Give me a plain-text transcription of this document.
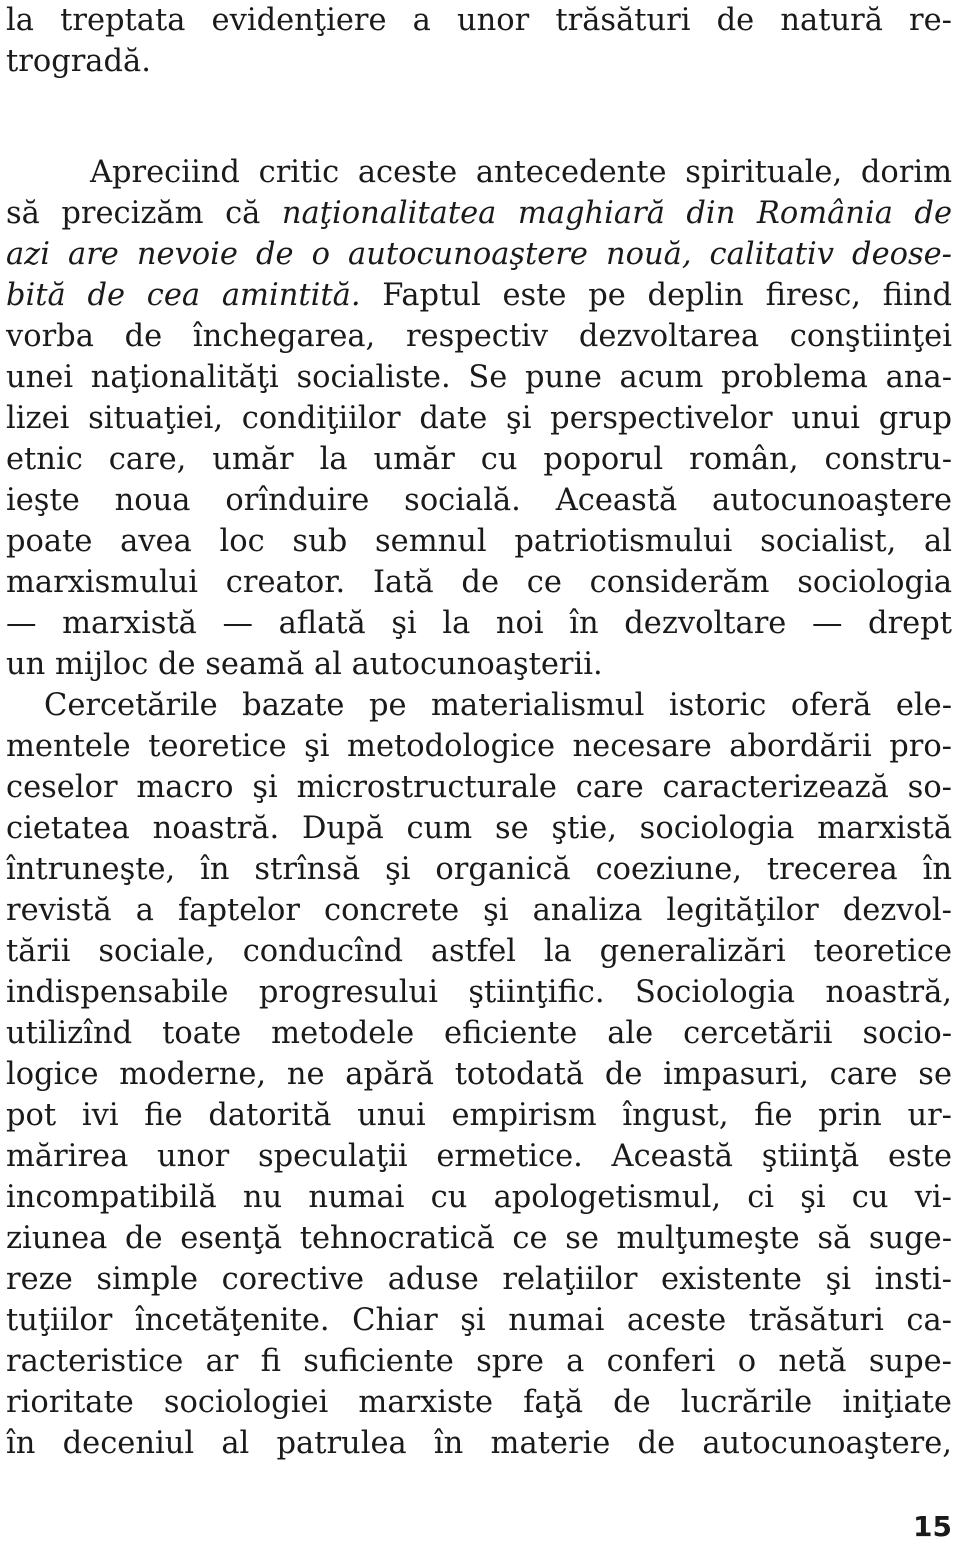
la treptata evidenţiere a unor trăsături de natură re-
trogradă.
Apreciind critic aceste antecedente spirituale, dorim
să precizăm că naţionalitatea maghiară din România de
azi are nevoie de o autocunoaştere nouă, calitativ deose-
bită de cea amintită. Faptul este pe deplin firesc, fiind
vorba de închegarea, respectiv dezvoltarea conştiinţei
unei naţionalităţi socialiste. Se pune acum problema ana-
lizei situaţiei, condiţiilor date şi perspectivelor unui grup
etnic care, umăr la umăr cu poporul român, constru-
ieşte noua orînduire socială. Această autocunoaştere
poate avea loc sub semnul patriotismului socialist, al
marxismului creator. Iată de ce considerăm sociologia
— marxistă — aflată şi la noi în dezvoltare — drept
un mijloc de seamă al autocunoaşterii.
Cercetările bazate pe materialismul istoric oferă ele-
mentele teoretice şi metodologice necesare abordării pro-
ceselor macro şi microstructurale care caracterizează so-
cietatea noastră. După cum se ştie, sociologia marxistă
întruneşte, în strînsă şi organică coeziune, trecerea în
revistă a faptelor concrete şi analiza legităţilor dezvol-
tării sociale, conducînd astfel la generalizări teoretice
indispensabile progresului ştiinţific. Sociologia noastră,
utilizînd toate metodele eficiente ale cercetării socio-
logice moderne, ne apără totodată de impasuri, care se
pot ivi fie datorită unui empirism îngust, fie prin ur-
mărirea unor speculaţii ermetice. Această ştiinţă este
incompatibilă nu numai cu apologetismul, ci şi cu vi-
ziunea de esenţă tehnocratică ce se mulţumeşte să suge-
reze simple corective aduse relaţiilor existente şi insti-
tuţiilor încetăţenite. Chiar şi numai aceste trăsături ca-
racteristice ar fi suficiente spre a conferi o netă supe-
rioritate sociologiei marxiste faţă de lucrările iniţiate
în deceniul al patrulea în materie de autocunoaştere,
15
